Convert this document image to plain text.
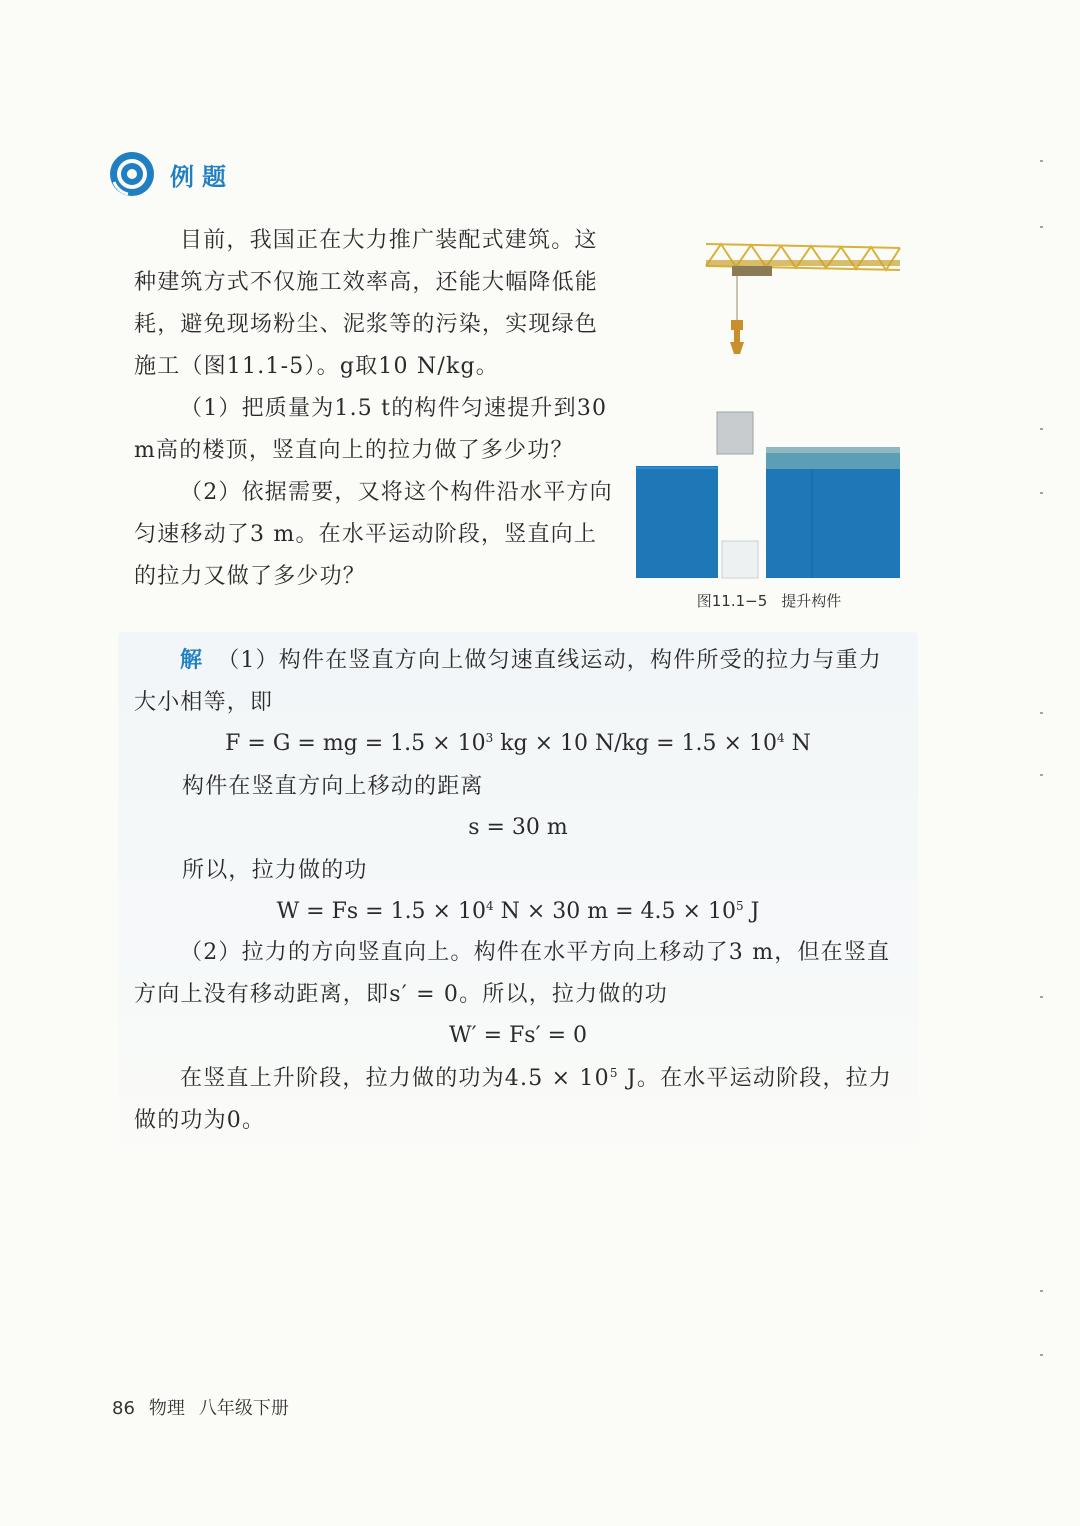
例题

目前，我国正在大力推广装配式建筑。这种建筑方式不仅施工效率高，还能大幅降低能耗，避免现场粉尘、泥浆等的污染，实现绿色施工（图11.1-5）。g取10 N/kg。

（1）把质量为1.5 t的构件匀速提升到30 m高的楼顶，竖直向上的拉力做了多少功？

（2）依据需要，又将这个构件沿水平方向匀速移动了3 m。在水平运动阶段，竖直向上的拉力又做了多少功？

图11.1−5 提升构件

解 （1）构件在竖直方向上做匀速直线运动，构件所受的拉力与重力大小相等，即

F = G = mg = $1.5 \times 10^3$ kg × 10 $N/kg = 1.5 \times 10^4$ N

构件在竖直方向上移动的距离

s = 30 m

所以，拉力做的功

$W = Fs = 1.5 \times 10^4$ N × 30 $m = 4.5 \times 10^5$ J

（2）拉力的方向竖直向上。构件在水平方向上移动了3 m，但在竖直方向上没有移动距离，即s′ = 0。所以，拉力做的功

W′ = Fs′ = 0

在竖直上升阶段，拉力做的功为$4.5 \times 10^5$ J。在水平运动阶段，拉力做的功为0。

86 物理 八年级下册
